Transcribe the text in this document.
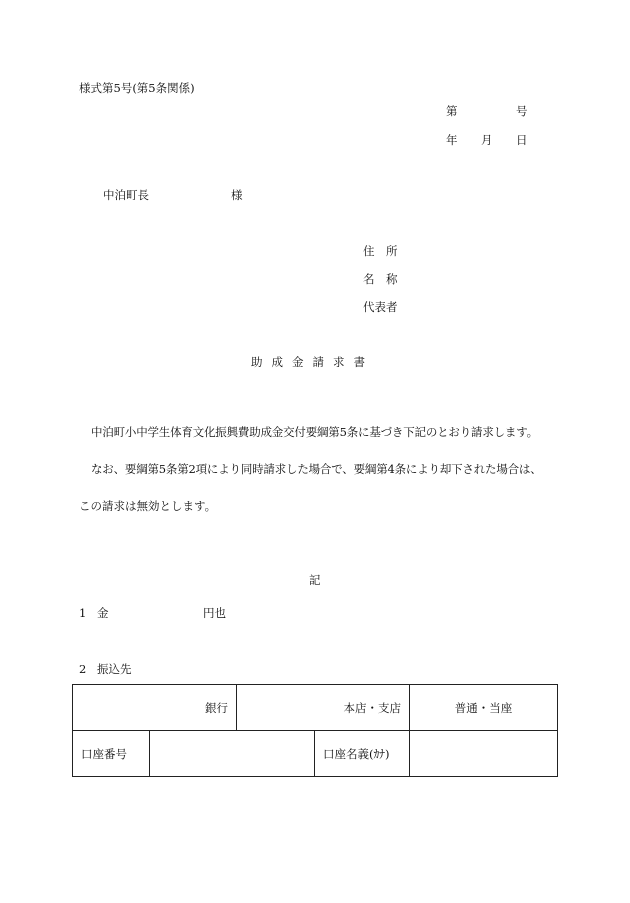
様式第5号(第5条関係)
第	号
年 月 日
中泊町長	様
住　所
名　称
代表者
助成金請求書
中泊町小中学生体育文化振興費助成金交付要綱第5条に基づき下記のとおり請求します。
なお、要綱第5条第2項により同時請求した場合で、要綱第4条により却下された場合は、
この請求は無効とします。
記
1 金	円也
2 振込先
銀行		本店・支店		普通・当座
口座番号			口座名義(ｶﾅ)	
